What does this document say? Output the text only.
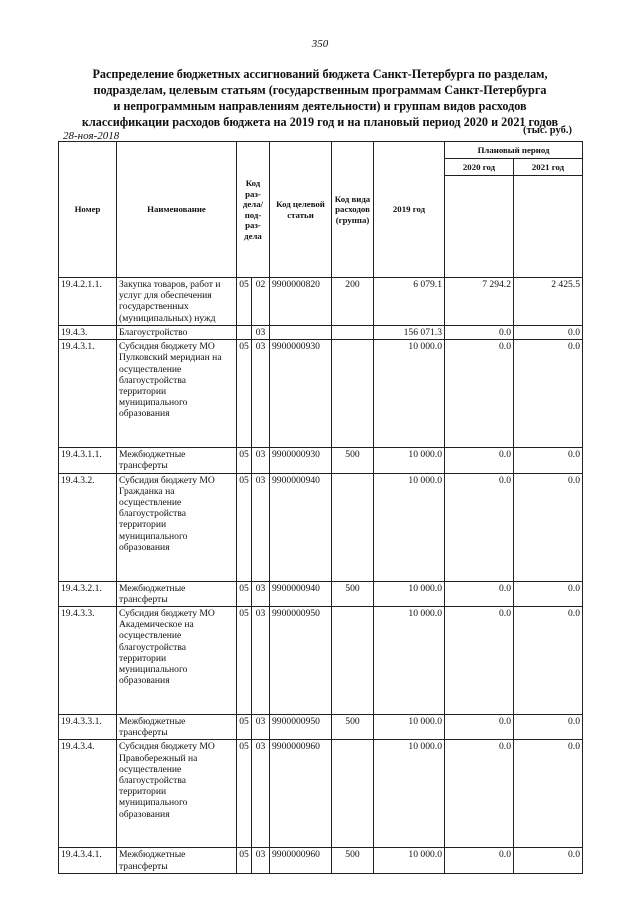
350
Распределение бюджетных ассигнований бюджета Санкт-Петербурга по разделам,
подразделам, целевым статьям (государственным программам Санкт-Петербурга
и непрограммным направлениям деятельности) и группам видов расходов
классификации расходов бюджета на 2019 год и на плановый период 2020 и 2021 годов
28-ноя-2018	(тыс. руб.)
Номер	Наименование	Код раз- дела/ под- раз- дела		Код целевой статьи	Код вида расходов (группа)	2019 год	Плановый период	
							2020 год	2021 год

19.4.2.1.1.	Закупка товаров, работ и услуг для обеспечения государственных (муниципальных) нужд	05	02	9900000820	200	6 079.1	7 294.2	2 425.5
19.4.3.	Благоустройство		03			156 071.3	0.0	0.0
19.4.3.1.	Субсидия бюджету МО Пулковский меридиан на осуществление благоустройства территории муниципального образования	05	03	9900000930		10 000.0	0.0	0.0
19.4.3.1.1.	Межбюджетные трансферты	05	03	9900000930	500	10 000.0	0.0	0.0
19.4.3.2.	Субсидия бюджету МО Гражданка на осуществление благоустройства территории муниципального образования	05	03	9900000940		10 000.0	0.0	0.0
19.4.3.2.1.	Межбюджетные трансферты	05	03	9900000940	500	10 000.0	0.0	0.0
19.4.3.3.	Субсидия бюджету МО Академическое на осуществление благоустройства территории муниципального образования	05	03	9900000950		10 000.0	0.0	0.0
19.4.3.3.1.	Межбюджетные трансферты	05	03	9900000950	500	10 000.0	0.0	0.0
19.4.3.4.	Субсидия бюджету МО Правобережный на осуществление благоустройства территории муниципального образования	05	03	9900000960		10 000.0	0.0	0.0
19.4.3.4.1.	Межбюджетные трансферты	05	03	9900000960	500	10 000.0	0.0	0.0
